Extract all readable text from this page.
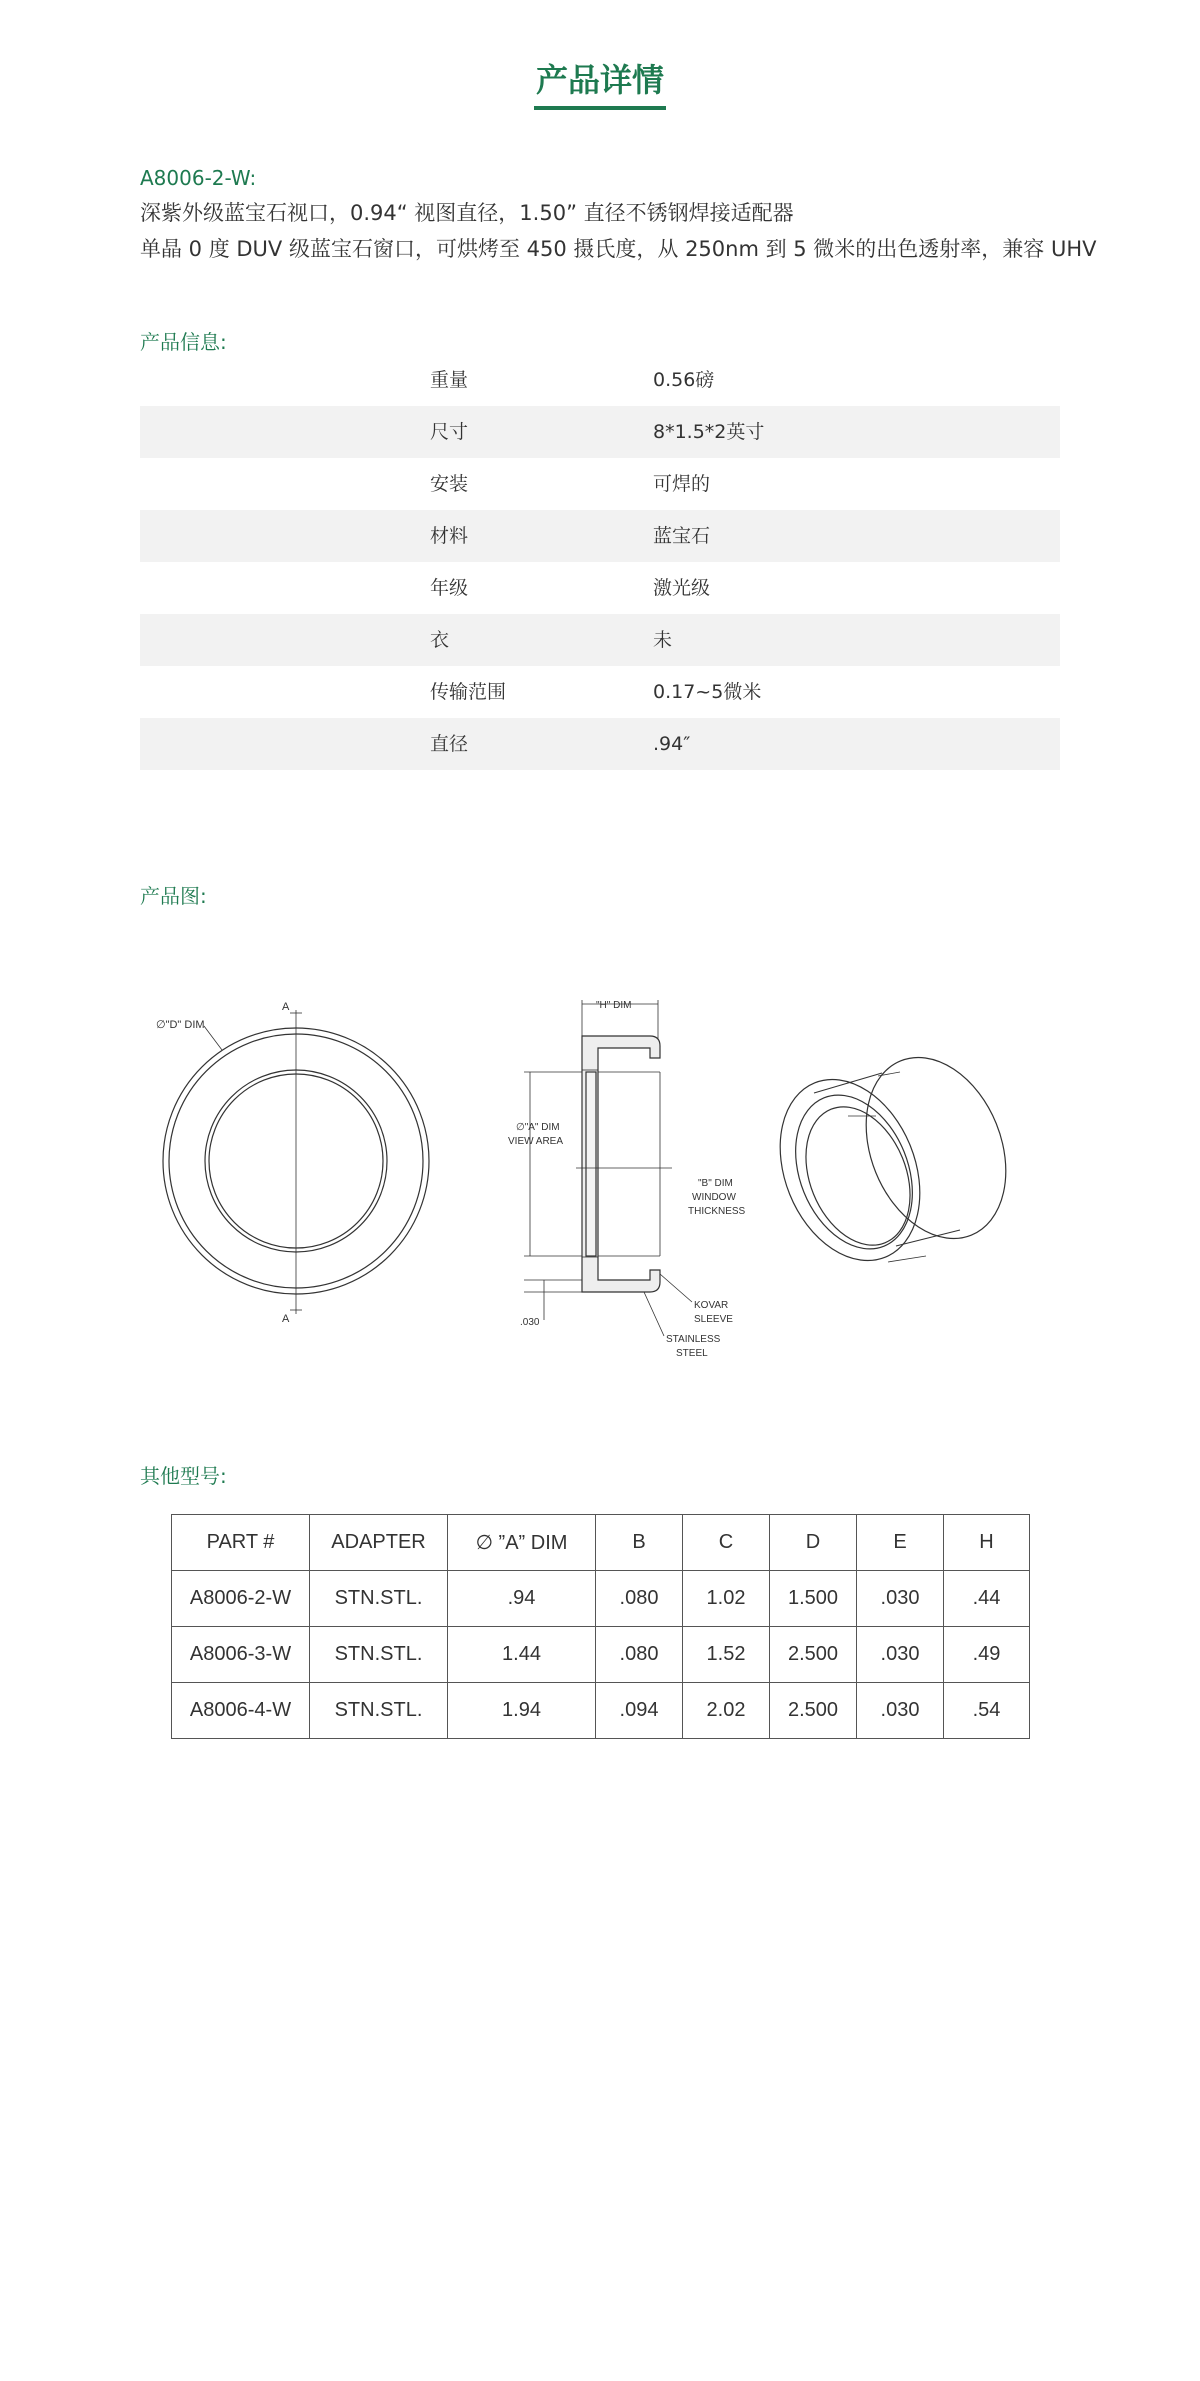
产品详情
A8006-2-W:
深紫外级蓝宝石视口，0.94“ 视图直径，1.50” 直径不锈钢焊接适配器
单晶 0 度 DUV 级蓝宝石窗口，可烘烤至 450 摄氏度，从 250nm 到 5 微米的出色透射率，兼容 UHV
产品信息:
重量	0.56磅
尺寸	8*1.5*2英寸
安装	可焊的
材料	蓝宝石
年级	激光级
衣	未
传输范围	0.17~5微米
直径	.94″
产品图:
A
A
∅"D" DIM
"H" DIM
∅"A" DIM
VIEW AREA
.030
"B" DIM
WINDOW
THICKNESS
KOVAR
SLEEVE
STAINLESS
STEEL
其他型号:
PART #	ADAPTER	∅ ”A” DIM	B	C	D	E	H
A8006-2-W	STN.STL.	.94	.080	1.02	1.500	.030	.44
A8006-3-W	STN.STL.	1.44	.080	1.52	2.500	.030	.49
A8006-4-W	STN.STL.	1.94	.094	2.02	2.500	.030	.54
